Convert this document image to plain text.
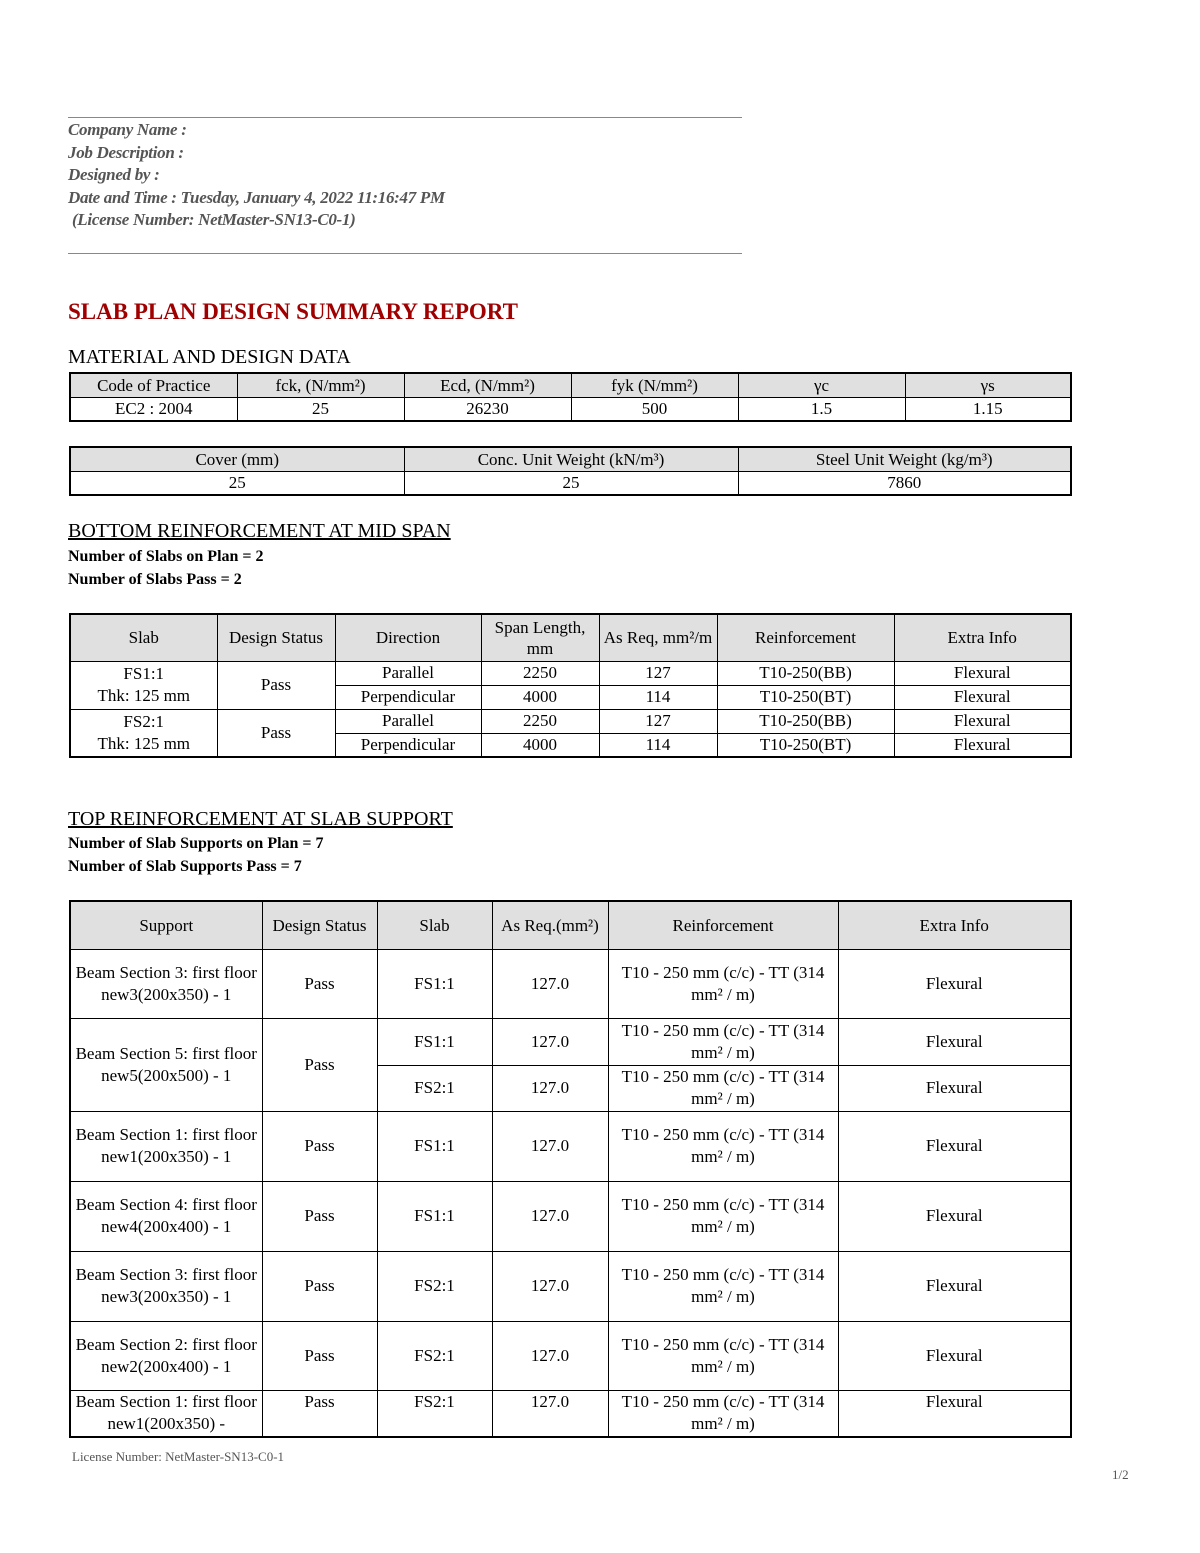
Company Name :
Job Description :
Designed by :
Date and Time : Tuesday, January 4, 2022 11:16:47 PM
(License Number: NetMaster-SN13-C0-1)
SLAB PLAN DESIGN SUMMARY REPORT
MATERIAL AND DESIGN DATA
Code of Practice	fck, (N/mm²)	Ecd, (N/mm²)	fyk (N/mm²)	γc	γs
EC2 : 2004	25	26230	500	1.5	1.15
Cover (mm)	Conc. Unit Weight (kN/m³)	Steel Unit Weight (kg/m³)
25	25	7860
BOTTOM REINFORCEMENT AT MID SPAN
Number of Slabs on Plan = 2
Number of Slabs Pass = 2
Slab	Design Status	Direction	Span Length, mm	As Req, mm²/m	Reinforcement	Extra Info

FS1:1
Thk: 125 mm	Pass	Parallel	2250	127	T10-250(BB)	Flexural
		Perpendicular	4000	114	T10-250(BT)	Flexural

FS2:1
Thk: 125 mm	Pass	Parallel	2250	127	T10-250(BB)	Flexural
		Perpendicular	4000	114	T10-250(BT)	Flexural
TOP REINFORCEMENT AT SLAB SUPPORT
Number of Slab Supports on Plan = 7
Number of Slab Supports Pass = 7
Support	Design Status	Slab	As Req.(mm²)	Reinforcement	Extra Info
Beam Section 3: first floor new3(200x350) - 1	Pass	FS1:1	127.0	T10 - 250 mm (c/c) - TT (314 mm² / m)	Flexural
Beam Section 5: first floor new5(200x500) - 1	Pass	FS1:1	127.0	T10 - 250 mm (c/c) - TT (314 mm² / m)	Flexural
		FS2:1	127.0	T10 - 250 mm (c/c) - TT (314 mm² / m)	Flexural
Beam Section 1: first floor new1(200x350) - 1	Pass	FS1:1	127.0	T10 - 250 mm (c/c) - TT (314 mm² / m)	Flexural
Beam Section 4: first floor new4(200x400) - 1	Pass	FS1:1	127.0	T10 - 250 mm (c/c) - TT (314 mm² / m)	Flexural
Beam Section 3: first floor new3(200x350) - 1	Pass	FS2:1	127.0	T10 - 250 mm (c/c) - TT (314 mm² / m)	Flexural
Beam Section 2: first floor new2(200x400) - 1	Pass	FS2:1	127.0	T10 - 250 mm (c/c) - TT (314 mm² / m)	Flexural
Beam Section 1: first floor new1(200x350) -	Pass	FS2:1	127.0	T10 - 250 mm (c/c) - TT (314 mm² / m)	Flexural
License Number: NetMaster-SN13-C0-1
1/2
